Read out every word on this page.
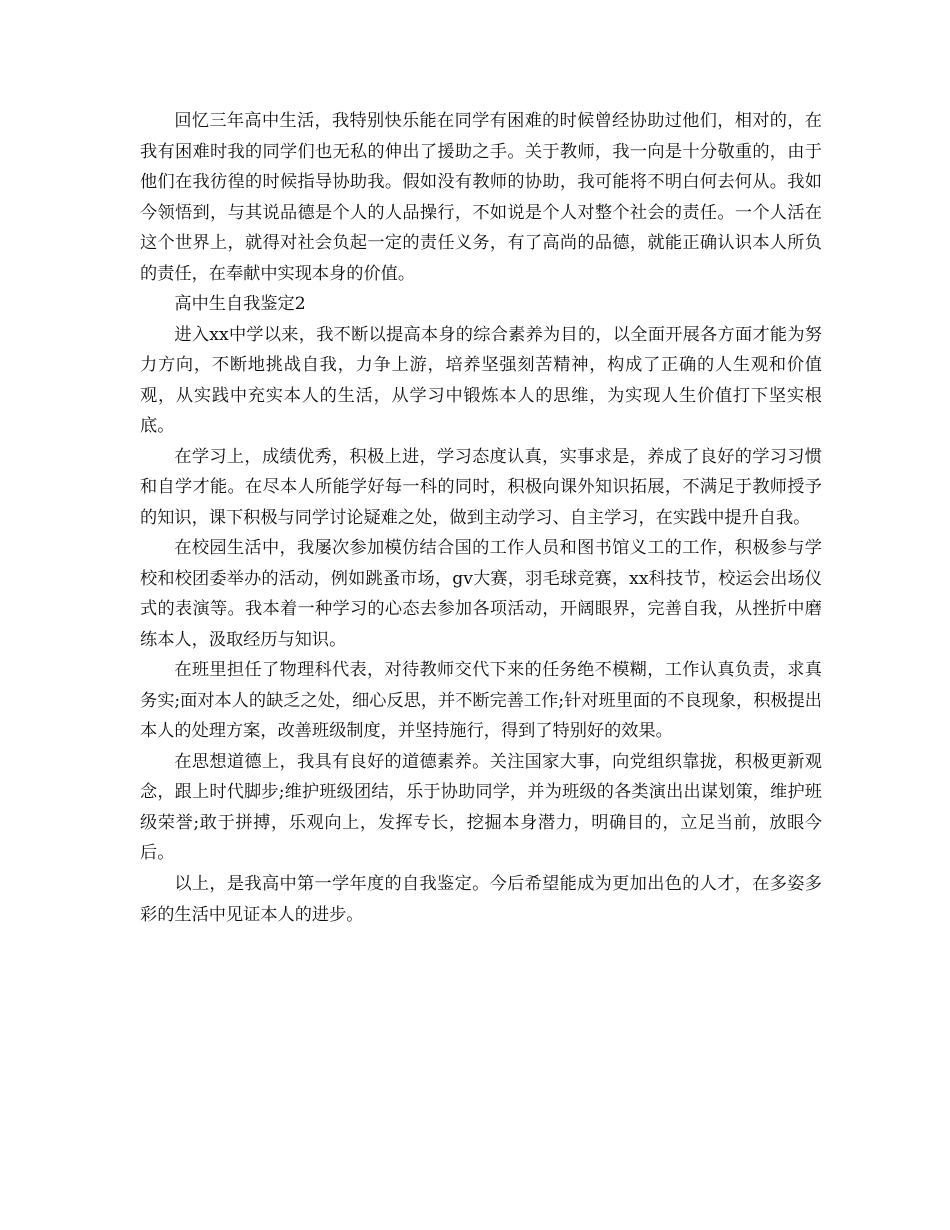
回忆三年高中生活，我特别快乐能在同学有困难的时候曾经协助过他们，相对的，在我有困难时我的同学们也无私的伸出了援助之手。关于教师，我一向是十分敬重的，由于他们在我彷徨的时候指导协助我。假如没有教师的协助，我可能将不明白何去何从。我如今领悟到，与其说品德是个人的人品操行，不如说是个人对整个社会的责任。一个人活在这个世界上，就得对社会负起一定的责任义务，有了高尚的品德，就能正确认识本人所负的责任，在奉献中实现本身的价值。

高中生自我鉴定2

进入xx中学以来，我不断以提高本身的综合素养为目的，以全面开展各方面才能为努力方向，不断地挑战自我，力争上游，培养坚强刻苦精神，构成了正确的人生观和价值观，从实践中充实本人的生活，从学习中锻炼本人的思维，为实现人生价值打下坚实根底。

在学习上，成绩优秀，积极上进，学习态度认真，实事求是，养成了良好的学习习惯和自学才能。在尽本人所能学好每一科的同时，积极向课外知识拓展，不满足于教师授予的知识，课下积极与同学讨论疑难之处，做到主动学习、自主学习，在实践中提升自我。

在校园生活中，我屡次参加模仿结合国的工作人员和图书馆义工的工作，积极参与学校和校团委举办的活动，例如跳蚤市场，gv大赛，羽毛球竞赛，xx科技节，校运会出场仪式的表演等。我本着一种学习的心态去参加各项活动，开阔眼界，完善自我，从挫折中磨练本人，汲取经历与知识。

在班里担任了物理科代表，对待教师交代下来的任务绝不模糊，工作认真负责，求真务实;面对本人的缺乏之处，细心反思，并不断完善工作;针对班里面的不良现象，积极提出本人的处理方案，改善班级制度，并坚持施行，得到了特别好的效果。

在思想道德上，我具有良好的道德素养。关注国家大事，向党组织靠拢，积极更新观念，跟上时代脚步;维护班级团结，乐于协助同学，并为班级的各类演出出谋划策，维护班级荣誉;敢于拼搏，乐观向上，发挥专长，挖掘本身潜力，明确目的，立足当前，放眼今后。

以上，是我高中第一学年度的自我鉴定。今后希望能成为更加出色的人才，在多姿多彩的生活中见证本人的进步。
